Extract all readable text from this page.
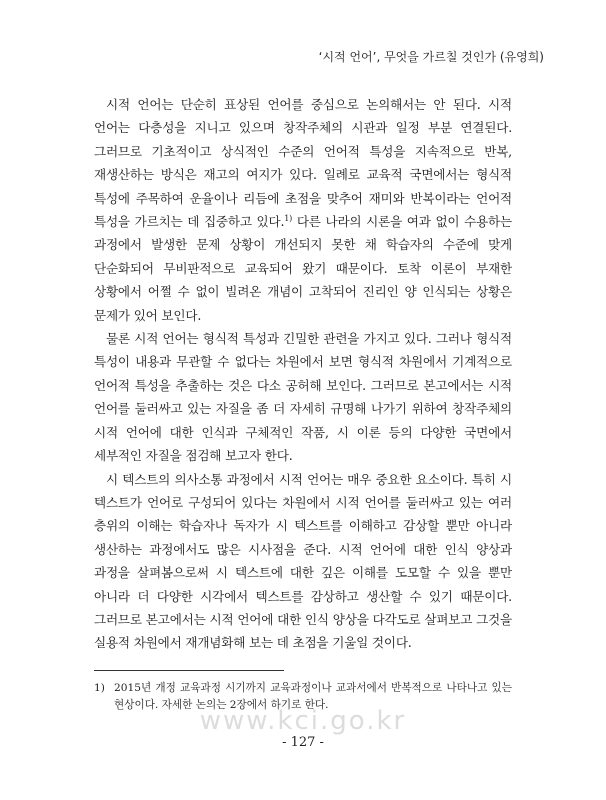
‘시적 언어’, 무엇을 가르칠 것인가 (유영희)

시적 언어는 단순히 표상된 언어를 중심으로 논의해서는 안 된다. 시적 언어는 다층성을 지니고 있으며 창작주체의 시관과 일정 부분 연결된다. 그러므로 기초적이고 상식적인 수준의 언어적 특성을 지속적으로 반복, 재생산하는 방식은 재고의 여지가 있다. 일례로 교육적 국면에서는 형식적 특성에 주목하여 운율이나 리듬에 초점을 맞추어 재미와 반복이라는 언어적 특성을 가르치는 데 집중하고 있다.$^{1)}$ 다른 나라의 시론을 여과 없이 수용하는 과정에서 발생한 문제 상황이 개선되지 못한 채 학습자의 수준에 맞게 단순화되어 무비판적으로 교육되어 왔기 때문이다. 토착 이론이 부재한 상황에서 어쩔 수 없이 빌려온 개념이 고착되어 진리인 양 인식되는 상황은 문제가 있어 보인다.

물론 시적 언어는 형식적 특성과 긴밀한 관련을 가지고 있다. 그러나 형식적 특성이 내용과 무관할 수 없다는 차원에서 보면 형식적 차원에서 기계적으로 언어적 특성을 추출하는 것은 다소 공허해 보인다. 그러므로 본고에서는 시적 언어를 둘러싸고 있는 자질을 좀 더 자세히 규명해 나가기 위하여 창작주체의 시적 언어에 대한 인식과 구체적인 작품, 시 이론 등의 다양한 국면에서 세부적인 자질을 점검해 보고자 한다.

시 텍스트의 의사소통 과정에서 시적 언어는 매우 중요한 요소이다. 특히 시 텍스트가 언어로 구성되어 있다는 차원에서 시적 언어를 둘러싸고 있는 여러 층위의 이해는 학습자나 독자가 시 텍스트를 이해하고 감상할 뿐만 아니라 생산하는 과정에서도 많은 시사점을 준다. 시적 언어에 대한 인식 양상과 과정을 살펴봄으로써 시 텍스트에 대한 깊은 이해를 도모할 수 있을 뿐만 아니라 더 다양한 시각에서 텍스트를 감상하고 생산할 수 있기 때문이다. 그러므로 본고에서는 시적 언어에 대한 인식 양상을 다각도로 살펴보고 그것을 실용적 차원에서 재개념화해 보는 데 초점을 기울일 것이다.

1) 2015년 개정 교육과정 시기까지 교육과정이나 교과서에서 반복적으로 나타나고 있는 현상이다. 자세한 논의는 2장에서 하기로 한다.
www.kci.go.kr
- 127 -
